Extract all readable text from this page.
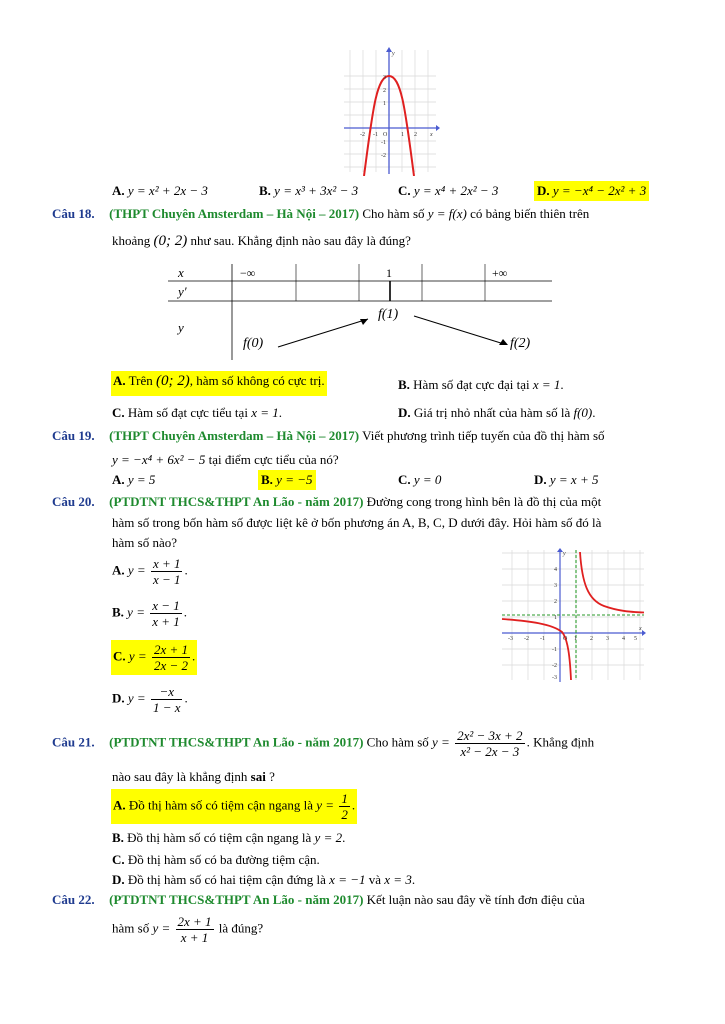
3
2
1
-1
-2
-2 -1	1 2
O	x
y
A. y = x² + 2x − 3	B. y = x³ + 3x² − 3	C. y = x⁴ + 2x² − 3	D. y = −x⁴ − 2x² + 3
Câu 18. (THPT Chuyên Amsterdam – Hà Nội – 2017) Cho hàm số y = f(x) có bảng biến thiên trên
khoảng (0; 2) như sau. Khẳng định nào sau đây là đúng?
x
y′
y
−∞	1	+∞
f(0)
f(1)
f(2)
A. Trên (0; 2), hàm số không có cực trị.	B. Hàm số đạt cực đại tại x = 1.
C. Hàm số đạt cực tiểu tại x = 1.	D. Giá trị nhỏ nhất của hàm số là f(0).
Câu 19. (THPT Chuyên Amsterdam – Hà Nội – 2017) Viết phương trình tiếp tuyến của đồ thị hàm số
y = −x⁴ + 6x² − 5 tại điểm cực tiểu của nó?
A. y = 5	B. y = −5	C. y = 0	D. y = x + 5
Câu 20. (PTDTNT THCS&THPT An Lão - năm 2017) Đường cong trong hình bên là đồ thị của một
hàm số trong bốn hàm số được liệt kê ở bốn phương án A, B, C, D dưới đây. Hỏi hàm số đó là
hàm số nào?
A. $y = \frac{x + 1}{x - 1}$ .
B. $y = \frac{x - 1}{x + 1}$ .
C. $y = \frac{2x + 1}{2x - 2}$ .
D. $y = \frac{-x}{1 - x}$ .
-3 -2 -1	1 2 3 4 5
4
3
2
1
-1
-2
-3
O
x
y
Câu 21. (PTDTNT THCS&THPT An Lão - năm 2017) Cho hàm số $y = \frac{\text{2x² − 3x + 2}}{\text{x² − 2x − 3}}$ . Khẳng định
nào sau đây là khẳng định sai ?
A. Đồ thị hàm số có tiệm cận ngang là $y = \frac{1}{2}$ .
B. Đồ thị hàm số có tiệm cận ngang là y = 2.
C. Đồ thị hàm số có ba đường tiệm cận.
D. Đồ thị hàm số có hai tiệm cận đứng là x = −1 và x = 3.
Câu 22. (PTDTNT THCS&THPT An Lão - năm 2017) Kết luận nào sau đây về tính đơn điệu của
hàm số $y = \frac{2x + 1}{x + 1}$ là đúng?
